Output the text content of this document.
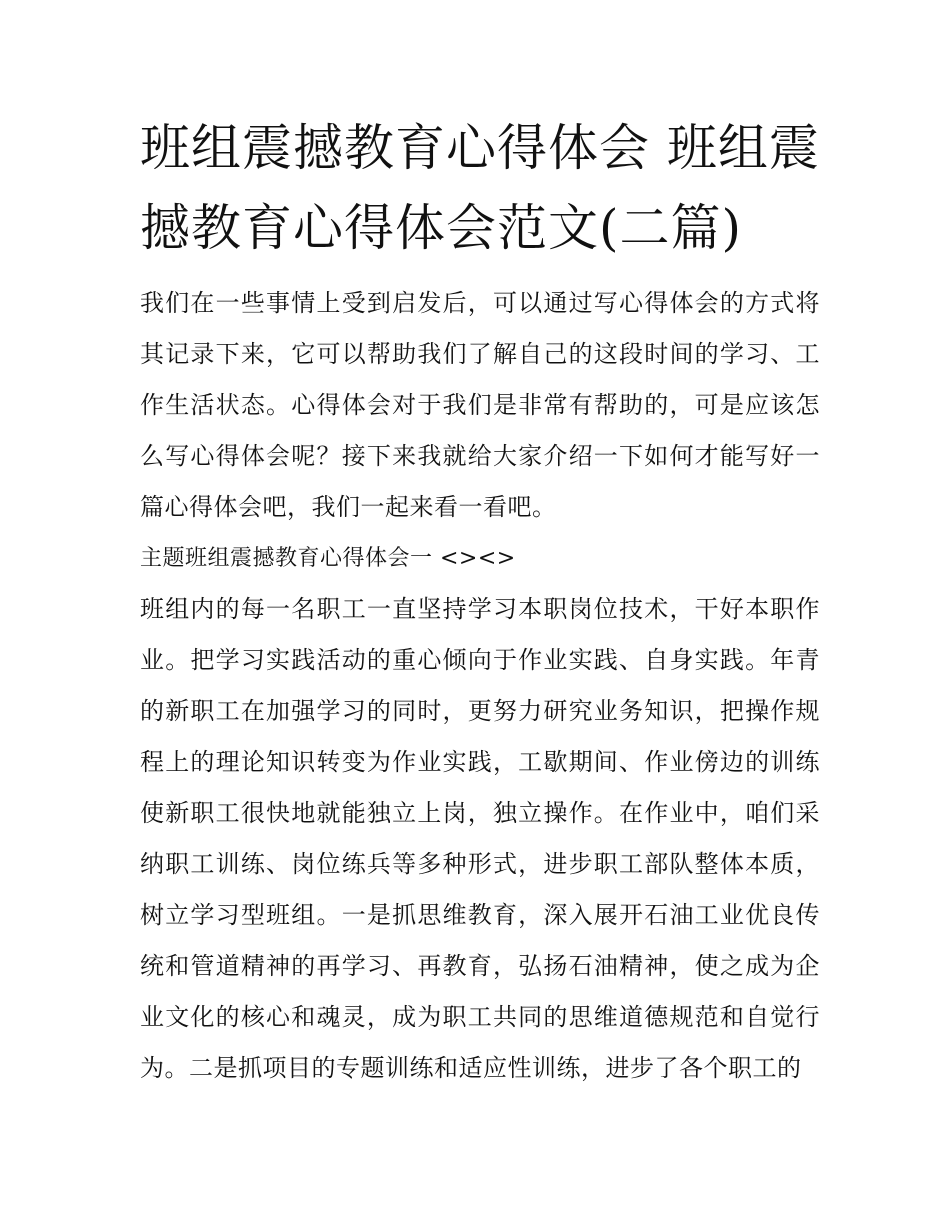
班组震撼教育心得体会 班组震
撼教育心得体会范文(二篇)

我们在一些事情上受到启发后，可以通过写心得体会的方式将其记录下来，它可以帮助我们了解自己的这段时间的学习、工作生活状态。心得体会对于我们是非常有帮助的，可是应该怎么写心得体会呢？接下来我就给大家介绍一下如何才能写好一篇心得体会吧，我们一起来看一看吧。

主题班组震撼教育心得体会一 <><>

班组内的每一名职工一直坚持学习本职岗位技术，干好本职作业。把学习实践活动的重心倾向于作业实践、自身实践。年青的新职工在加强学习的同时，更努力研究业务知识，把操作规程上的理论知识转变为作业实践，工歇期间、作业傍边的训练使新职工很快地就能独立上岗，独立操作。在作业中，咱们采纳职工训练、岗位练兵等多种形式，进步职工部队整体本质，树立学习型班组。一是抓思维教育，深入展开石油工业优良传统和管道精神的再学习、再教育，弘扬石油精神，使之成为企业文化的核心和魂灵，成为职工共同的思维道德规范和自觉行为。二是抓项目的专题训练和适应性训练，进步了各个职工的
